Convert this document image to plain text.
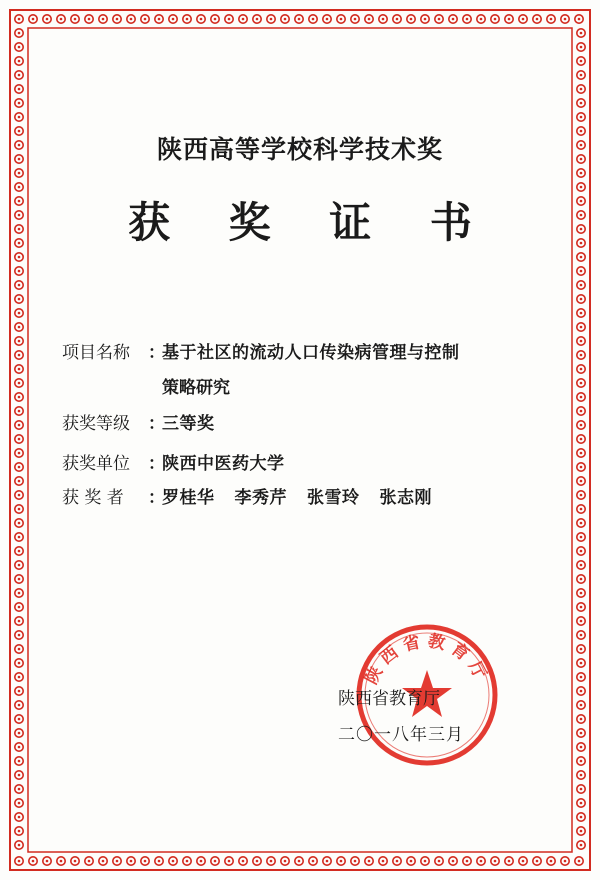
陕西高等学校科学技术奖
获 奖 证 书
项目名称 ：基于社区的流动人口传染病管理与控制
策略研究
获奖等级 ：三等奖
获奖单位 ：陕西中医药大学
获 奖 者 ：罗桂华 李秀芹 张雪玲 张志刚
陕西省教育厅
陕西省教育厅
二〇一八年三月
